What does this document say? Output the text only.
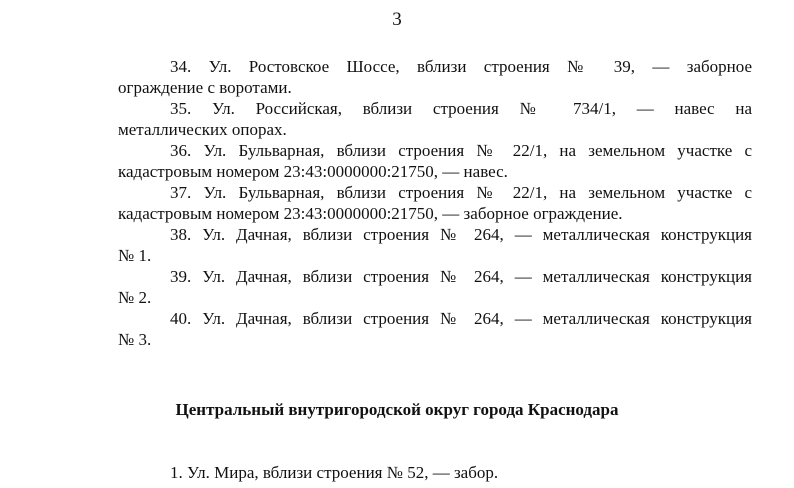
3
34. Ул. Ростовское Шоссе, вблизи строения № 39, — заборное
ограждение с воротами.
35. Ул. Российская, вблизи строения № 734/1, — навес на
металлических опорах.
36. Ул. Бульварная, вблизи строения № 22/1, на земельном участке с
кадастровым номером 23:43:0000000:21750, — навес.
37. Ул. Бульварная, вблизи строения № 22/1, на земельном участке с
кадастровым номером 23:43:0000000:21750, — заборное ограждение.
38. Ул. Дачная, вблизи строения № 264, — металлическая конструкция
№ 1.
39. Ул. Дачная, вблизи строения № 264, — металлическая конструкция
№ 2.
40. Ул. Дачная, вблизи строения № 264, — металлическая конструкция
№ 3.
Центральный внутригородской округ города Краснодара
1. Ул. Мира, вблизи строения № 52, — забор.
